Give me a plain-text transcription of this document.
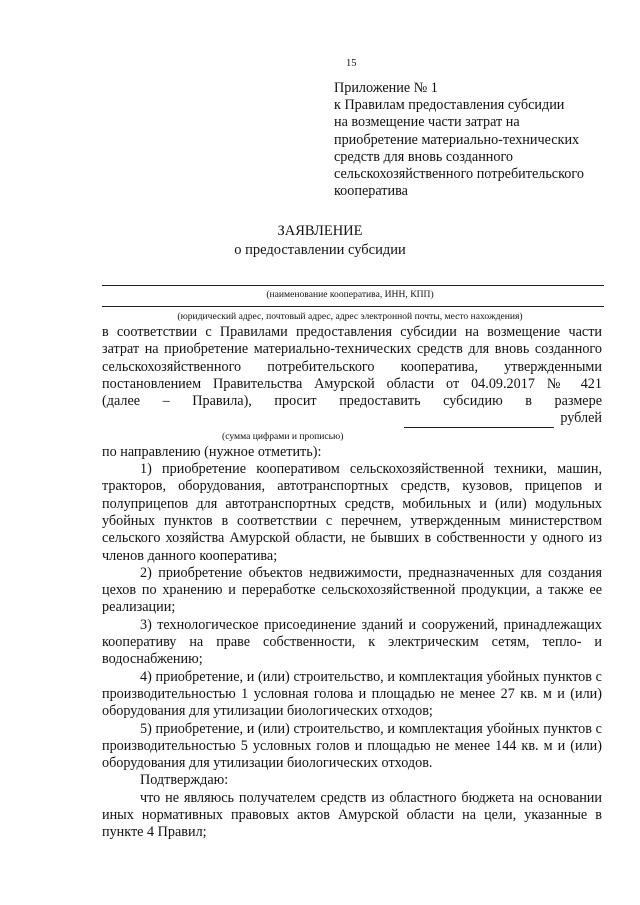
15
Приложение № 1
к Правилам предоставления субсидии
на возмещение части затрат на
приобретение материально-технических
средств для вновь созданного
сельскохозяйственного потребительского
кооператива
ЗАЯВЛЕНИЕ
о предоставлении субсидии
(наименование кооператива, ИНН, КПП)
(юридический адрес, почтовый адрес, адрес электронной почты, место нахождения)

в соответствии с Правилами предоставления субсидии на возмещение части

затрат на приобретение материально-технических средств для вновь созданного

сельскохозяйственного потребительского кооператива, утвержденными

постановлением Правительства Амурской области от 04.09.2017 № 421

(далее – Правила), просит предоставить субсидию в размере

рублей
(сумма цифрами и прописью)

по направлению (нужное отметить):

1) приобретение кооперативом сельскохозяйственной техники, машин, тракторов, оборудования, автотранспортных средств, кузовов, прицепов и полуприцепов для автотранспортных средств, мобильных и (или) модульных убойных пунктов в соответствии с перечнем, утвержденным министерством сельского хозяйства Амурской области, не бывших в собственности у одного из членов данного кооператива;

2) приобретение объектов недвижимости, предназначенных для создания цехов по хранению и переработке сельскохозяйственной продукции, а также ее реализации;

3) технологическое присоединение зданий и сооружений, принадлежащих кооперативу на праве собственности, к электрическим сетям, тепло- и водоснабжению;

4) приобретение, и (или) строительство, и комплектация убойных пунктов с производительностью 1 условная голова и площадью не менее 27 кв. м и (или) оборудования для утилизации биологических отходов;

5) приобретение, и (или) строительство, и комплектация убойных пунктов с производительностью 5 условных голов и площадью не менее 144 кв. м и (или) оборудования для утилизации биологических отходов.

Подтверждаю:

что не являюсь получателем средств из областного бюджета на основании иных нормативных правовых актов Амурской области на цели, указанные в пункте 4 Правил;
